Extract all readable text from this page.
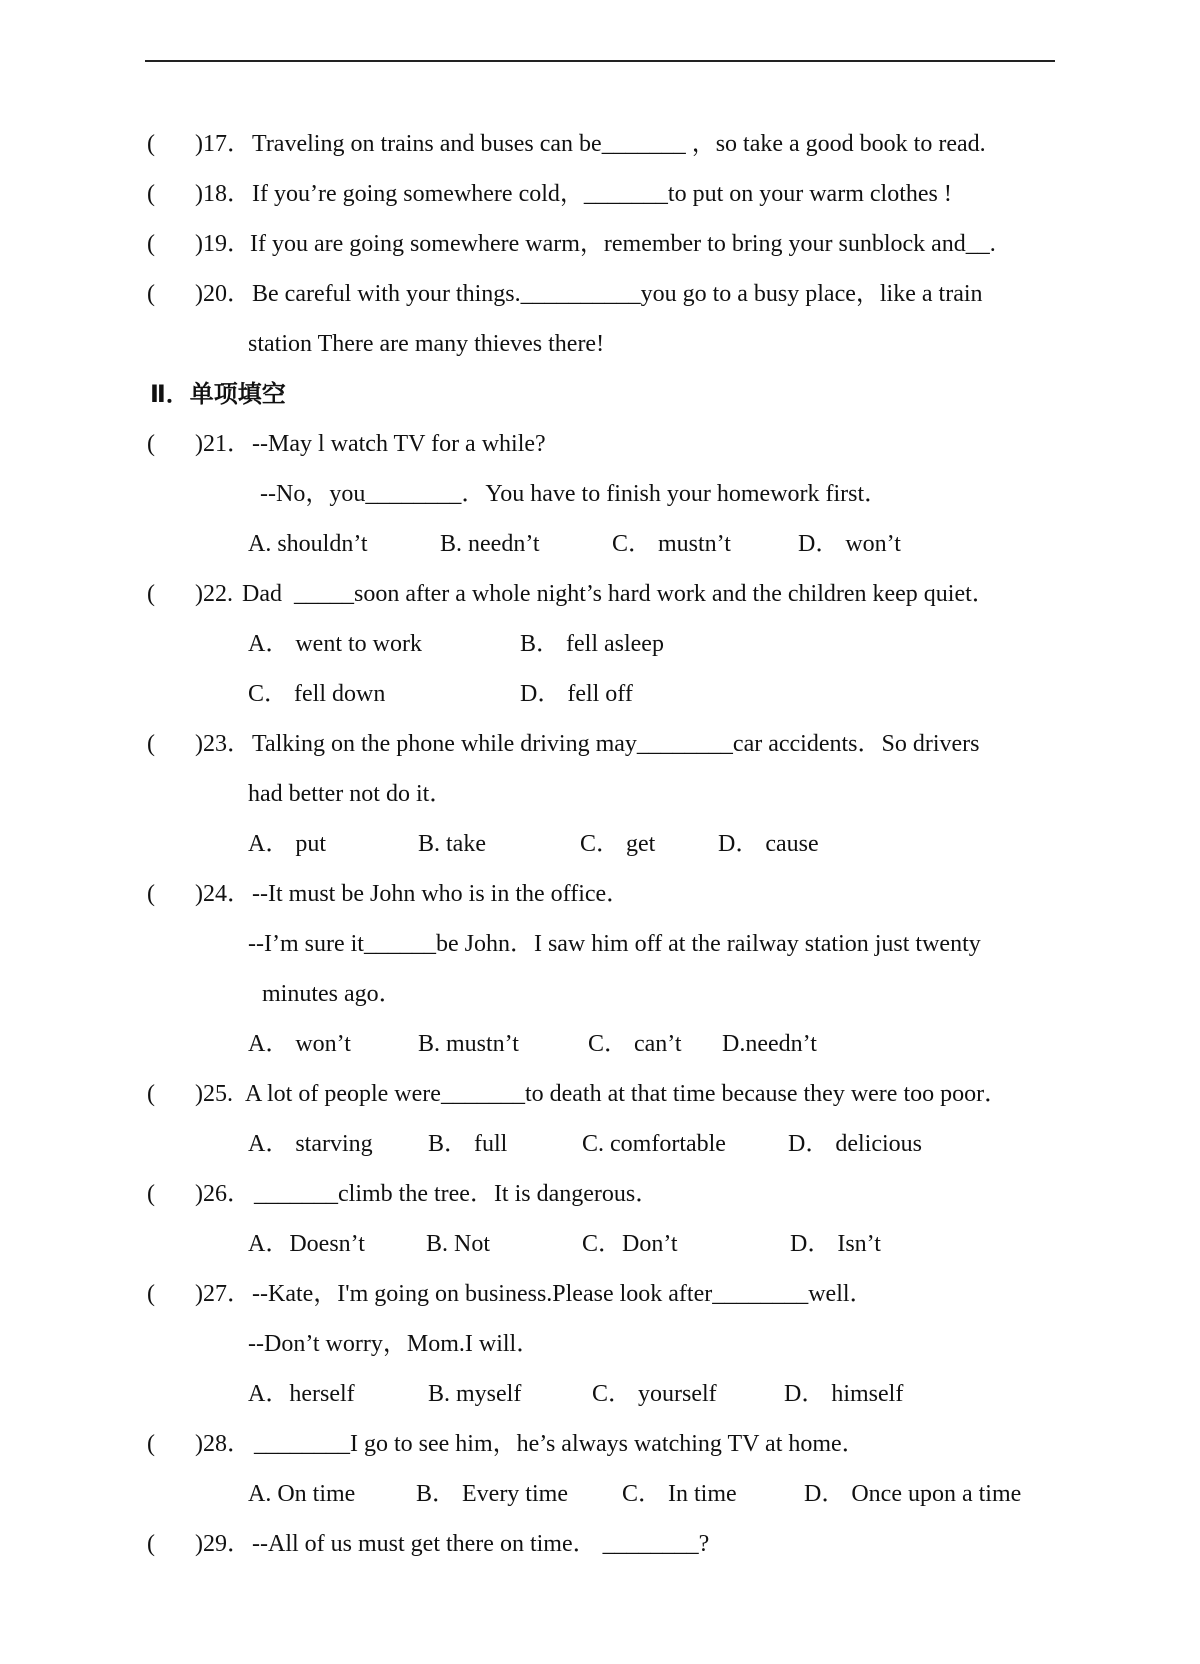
( )17． Traveling on trains and buses can be_______ ，so take a good book to read.
( )18． If you’re going somewhere cold，_______to put on your warm clothes !
( )19． If you are going somewhere warm，remember to bring your sunblock and__.
( )20． Be careful with your things.__________you go to a busy place，like a train
station There are many thieves there!
Ⅱ．单项填空
( )21． --May l watch TV for a while?
--No，you________．You have to finish your homework first．
A. shouldn’t	B. needn’t	C． mustn’t	D． won’t
( )22. Dad  _____soon after a whole night’s hard work and the children keep quiet．
A． went to work	B． fell asleep
C． fell down	D． fell off
( )23． Talking on the phone while driving may________car accidents．So drivers
had better not do it．
A． put	B. take	C． get	D． cause
( )24． --It must be John who is in the office．
--I’m sure it______be John．I saw him off at the railway station just twenty
minutes ago．
A． won’t	B. mustn’t	C． can’t D.needn’t
( )25. A lot of people were_______to death at that time because they were too poor．
A． starving B． full	C. comfortable	D． delicious
( )26． _______climb the tree．It is dangerous．
A．Doesn’t	B. Not	C．Don’t	D． Isn’t
( )27． --Kate，I'm going on business.Please look after________well．
--Don’t worry，Mom.I will．
A．herself	B. myself	C． yourself	D． himself
( )28． ________I go to see him，he’s always watching TV at home．
A. On time	B． Every time C． In time	D． Once upon a time
( )29． --All of us must get there on time． ________?
